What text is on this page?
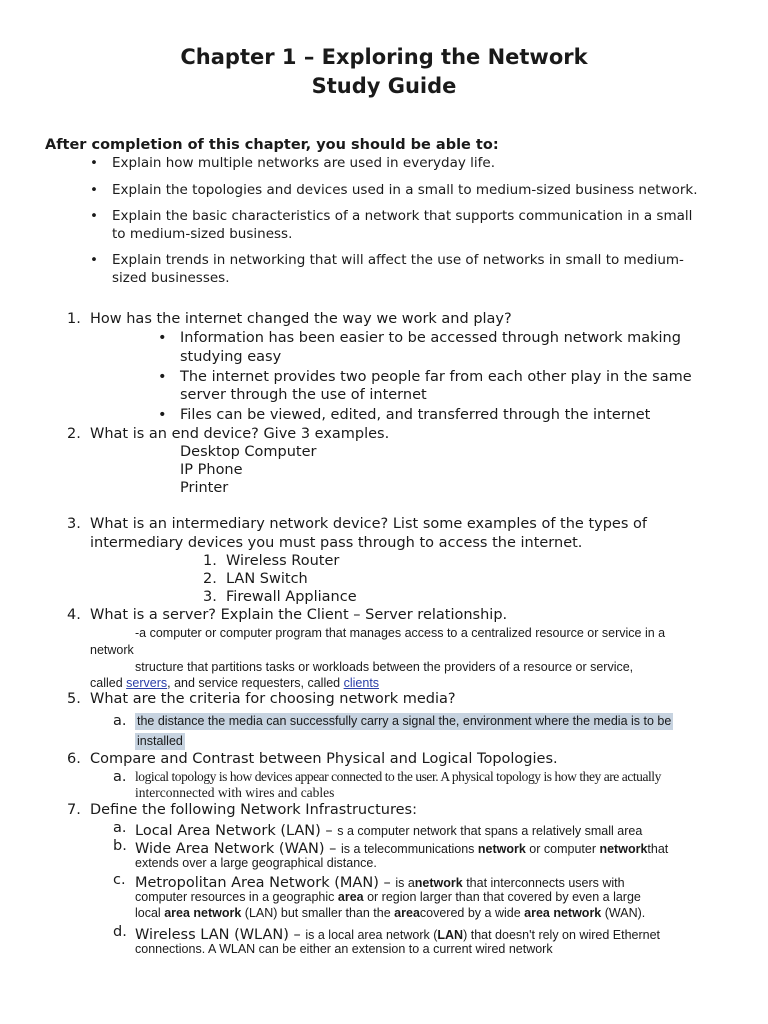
Chapter 1 – Exploring the Network
Study Guide
After completion of this chapter, you should be able to:
• Explain how multiple networks are used in everyday life.
• Explain the topologies and devices used in a small to medium-sized business network.
• Explain the basic characteristics of a network that supports communication in a small
to medium-sized business.
• Explain trends in networking that will affect the use of networks in small to medium-
sized businesses.
1. How has the internet changed the way we work and play?
• Information has been easier to be accessed through network making
studying easy
• The internet provides two people far from each other play in the same
server through the use of internet
• Files can be viewed, edited, and transferred through the internet
2. What is an end device? Give 3 examples.
Desktop Computer
IP Phone
Printer
3. What is an intermediary network device? List some examples of the types of
intermediary devices you must pass through to access the internet.
1. Wireless Router
2. LAN Switch
3. Firewall Appliance
4. What is a server? Explain the Client – Server relationship.
-a computer or computer program that manages access to a centralized resource or service in a
network
structure that partitions tasks or workloads between the providers of a resource or service,
called servers, and service requesters, called clients
5. What are the criteria for choosing network media?
a. the distance the media can successfully carry a signal the, environment where the media is to be
installed
6. Compare and Contrast between Physical and Logical Topologies.
a. logical topology is how devices appear connected to the user. A physical topology is how they are actually
interconnected with wires and cables
7. Define the following Network Infrastructures:
a. Local Area Network (LAN) – s a computer network that spans a relatively small area
b. Wide Area Network (WAN) – is a telecommunications network or computer networkthat
extends over a large geographical distance.
c. Metropolitan Area Network (MAN) – is anetwork that interconnects users with
computer resources in a geographic area or region larger than that covered by even a large
local area network (LAN) but smaller than the areacovered by a wide area network (WAN).
d. Wireless LAN (WLAN) – is a local area network (LAN) that doesn't rely on wired Ethernet
connections. A WLAN can be either an extension to a current wired network
